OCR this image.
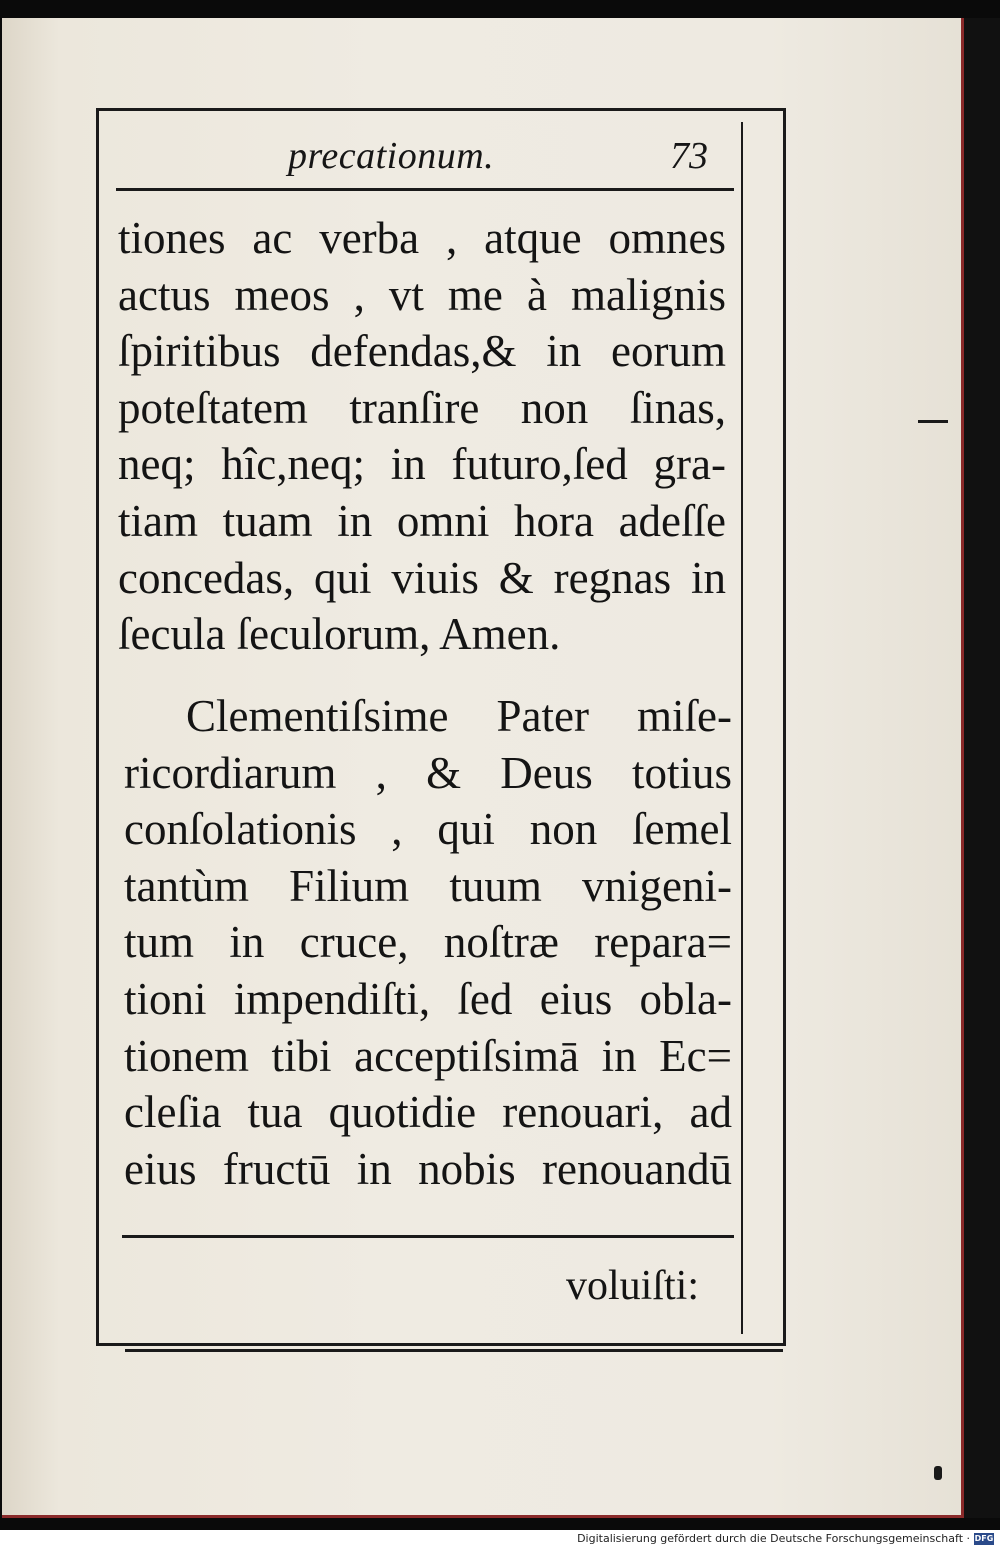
precationum.	73
tiones ac verba , atque omnes
actus meos , vt me à malignis
ſpiritibus defendas,& in eorum
poteſtatem tranſire non ſinas,
neq; hîc,neq; in futuro,ſed gra-
tiam tuam in omni hora adeſſe
concedas, qui viuis & regnas in
ſecula ſeculorum, Amen.
Clementiſsime Pater miſe-
ricordiarum , & Deus totius
conſolationis , qui non ſemel
tantùm Filium tuum vnigeni-
tum in cruce, noſtræ repara=
tioni impendiſti, ſed eius obla-
tionem tibi acceptiſsimā in Ec=
cleſia tua quotidie renouari, ad
eius fructū in nobis renouandū
voluiſti:
Digitalisierung gefördert durch die Deutsche Forschungsgemeinschaft · DFG
